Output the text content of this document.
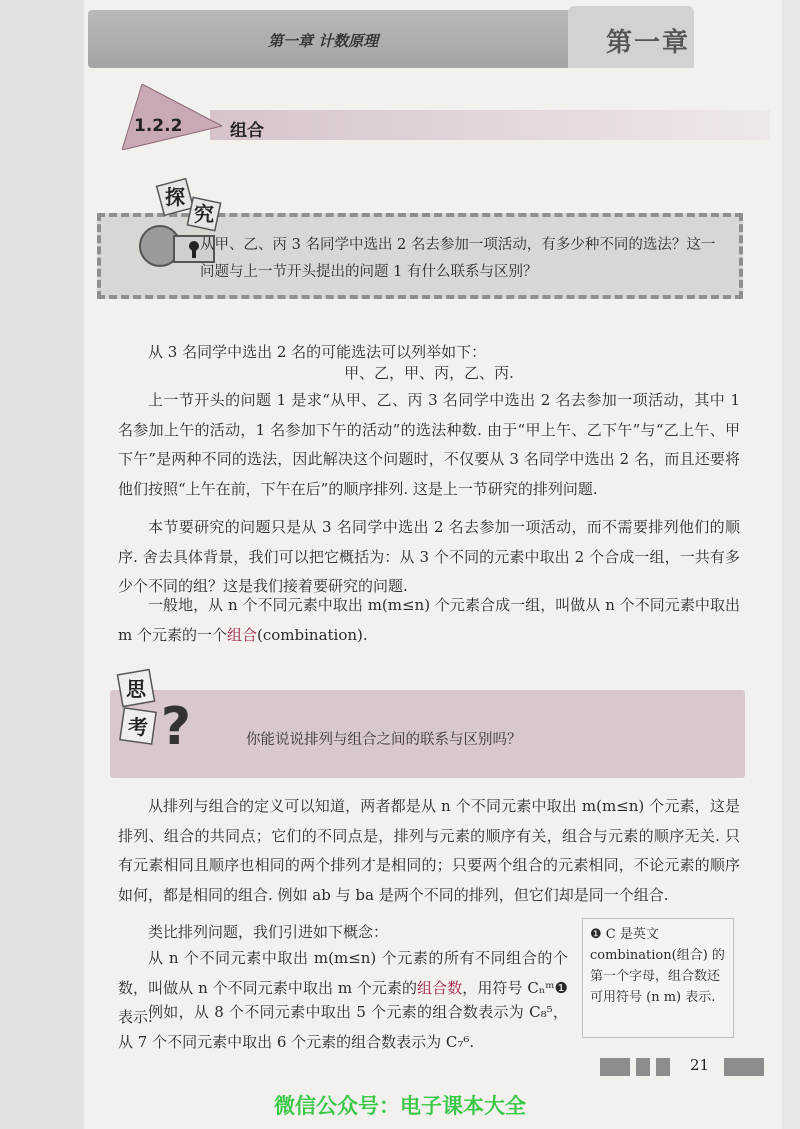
第一章 计数原理	第一章
1.2.2	组合
探
究
从甲、乙、丙 3 名同学中选出 2 名去参加一项活动，有多少种不同的选法？这一问题与上一节开头提出的问题 1 有什么联系与区别？
从 3 名同学中选出 2 名的可能选法可以列举如下：
甲、乙，甲、丙，乙、丙.
上一节开头的问题 1 是求“从甲、乙、丙 3 名同学中选出 2 名去参加一项活动，其中 1 名参加上午的活动，1 名参加下午的活动”的选法种数. 由于“甲上午、乙下午”与“乙上午、甲下午”是两种不同的选法，因此解决这个问题时，不仅要从 3 名同学中选出 2 名，而且还要将他们按照“上午在前，下午在后”的顺序排列. 这是上一节研究的排列问题.
本节要研究的问题只是从 3 名同学中选出 2 名去参加一项活动，而不需要排列他们的顺序. 舍去具体背景，我们可以把它概括为：从 3 个不同的元素中取出 2 个合成一组，一共有多少个不同的组？这是我们接着要研究的问题.
一般地，从 n 个不同元素中取出 m(m≤n) 个元素合成一组，叫做从 n 个不同元素中取出 m 个元素的一个组合(combination).
思
考 ?	你能说说排列与组合之间的联系与区别吗？
从排列与组合的定义可以知道，两者都是从 n 个不同元素中取出 m(m≤n) 个元素，这是排列、组合的共同点；它们的不同点是，排列与元素的顺序有关，组合与元素的顺序无关. 只有元素相同且顺序也相同的两个排列才是相同的；只要两个组合的元素相同，不论元素的顺序如何，都是相同的组合. 例如 ab 与 ba 是两个不同的排列，但它们却是同一个组合.
类比排列问题，我们引进如下概念：
从 n 个不同元素中取出 m(m≤n) 个元素的所有不同组合的个数，叫做从 n 个不同元素中取出 m 个元素的组合数，用符号 Cₙᵐ❶表示.
例如，从 8 个不同元素中取出 5 个元素的组合数表示为 C₈⁵，从 7 个不同元素中取出 6 个元素的组合数表示为 C₇⁶.
❶ C 是英文 combination(组合) 的第一个字母，组合数还可用符号 (n m) 表示.
21
微信公众号：电子课本大全
